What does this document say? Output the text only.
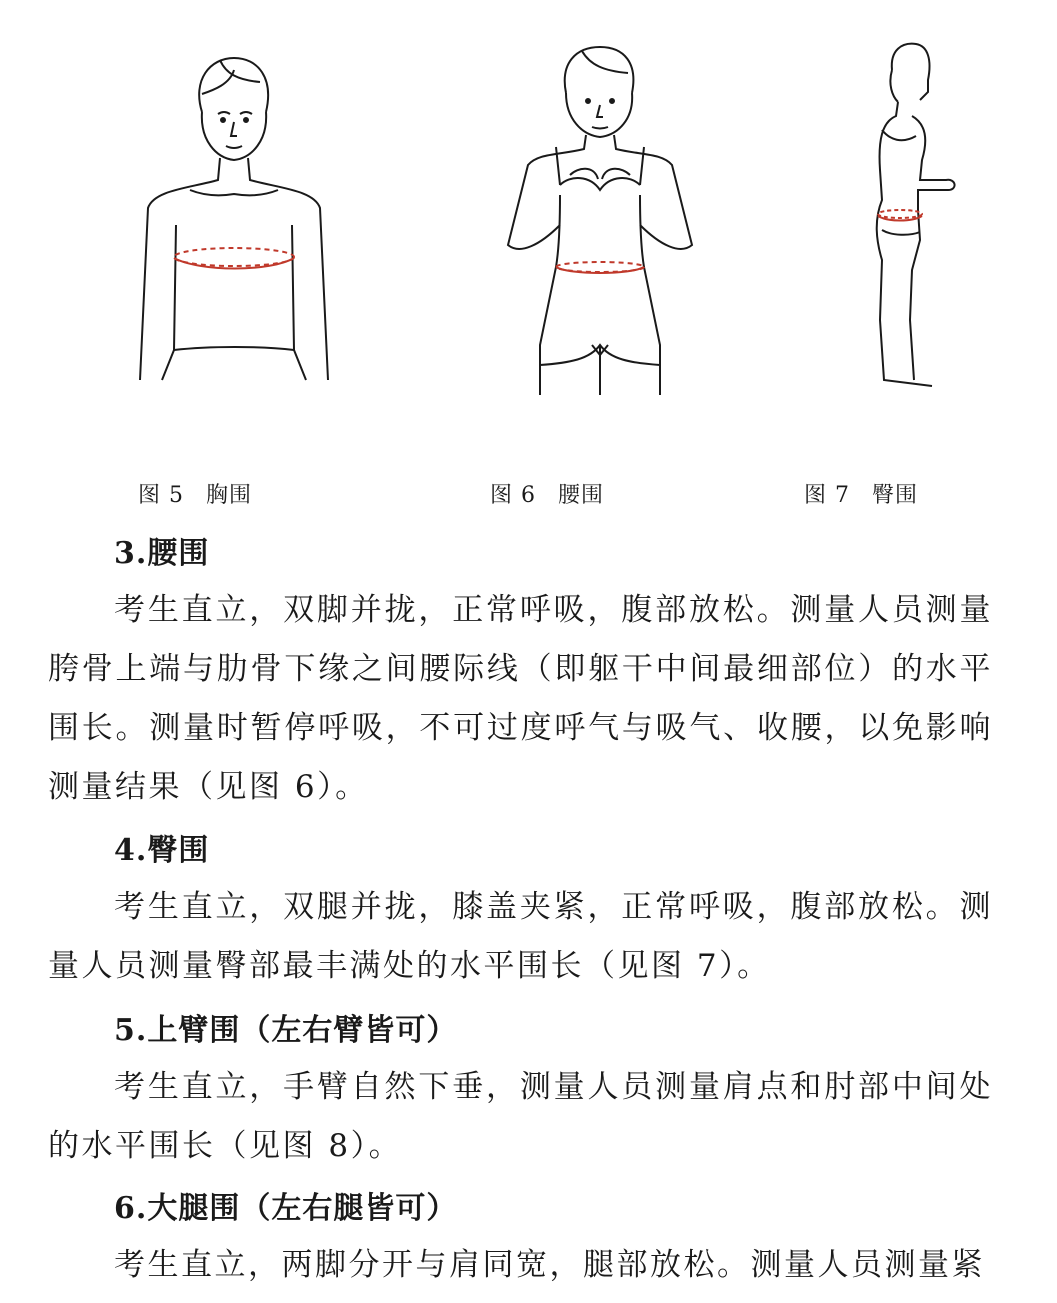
图 5 胸围	图 6 腰围	图 7 臀围
3.腰围
考生直立，双脚并拢，正常呼吸，腹部放松。测量人员测量胯骨上端与肋骨下缘之间腰际线（即躯干中间最细部位）的水平围长。测量时暂停呼吸，不可过度呼气与吸气、收腰，以免影响测量结果（见图 6）。
4.臀围
考生直立，双腿并拢，膝盖夹紧，正常呼吸，腹部放松。测量人员测量臀部最丰满处的水平围长（见图 7）。
5.上臂围（左右臂皆可）
考生直立，手臂自然下垂，测量人员测量肩点和肘部中间处的水平围长（见图 8）。
6.大腿围（左右腿皆可）
考生直立，两脚分开与肩同宽，腿部放松。测量人员测量紧
